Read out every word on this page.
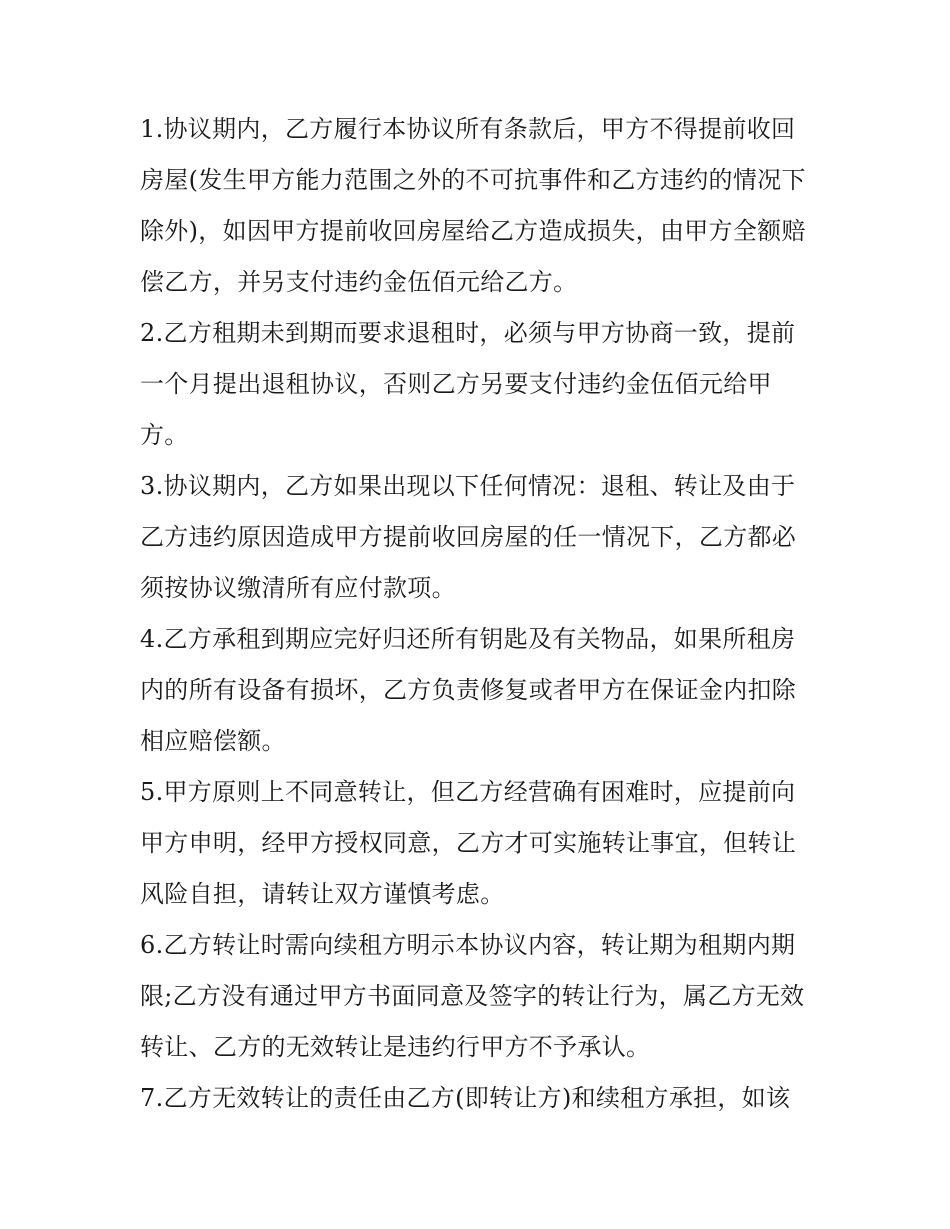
1.协议期内，乙方履行本协议所有条款后，甲方不得提前收回房屋(发生甲方能力范围之外的不可抗事件和乙方违约的情况下除外)，如因甲方提前收回房屋给乙方造成损失，由甲方全额赔偿乙方，并另支付违约金伍佰元给乙方。

2.乙方租期未到期而要求退租时，必须与甲方协商一致，提前一个月提出退租协议，否则乙方另要支付违约金伍佰元给甲方。

3.协议期内，乙方如果出现以下任何情况：退租、转让及由于乙方违约原因造成甲方提前收回房屋的任一情况下，乙方都必须按协议缴清所有应付款项。

4.乙方承租到期应完好归还所有钥匙及有关物品，如果所租房内的所有设备有损坏，乙方负责修复或者甲方在保证金内扣除相应赔偿额。

5.甲方原则上不同意转让，但乙方经营确有困难时，应提前向甲方申明，经甲方授权同意，乙方才可实施转让事宜，但转让风险自担，请转让双方谨慎考虑。

6.乙方转让时需向续租方明示本协议内容，转让期为租期内期限;乙方没有通过甲方书面同意及签字的转让行为，属乙方无效转让、乙方的无效转让是违约行甲方不予承认。

7.乙方无效转让的责任由乙方(即转让方)和续租方承担，如该
